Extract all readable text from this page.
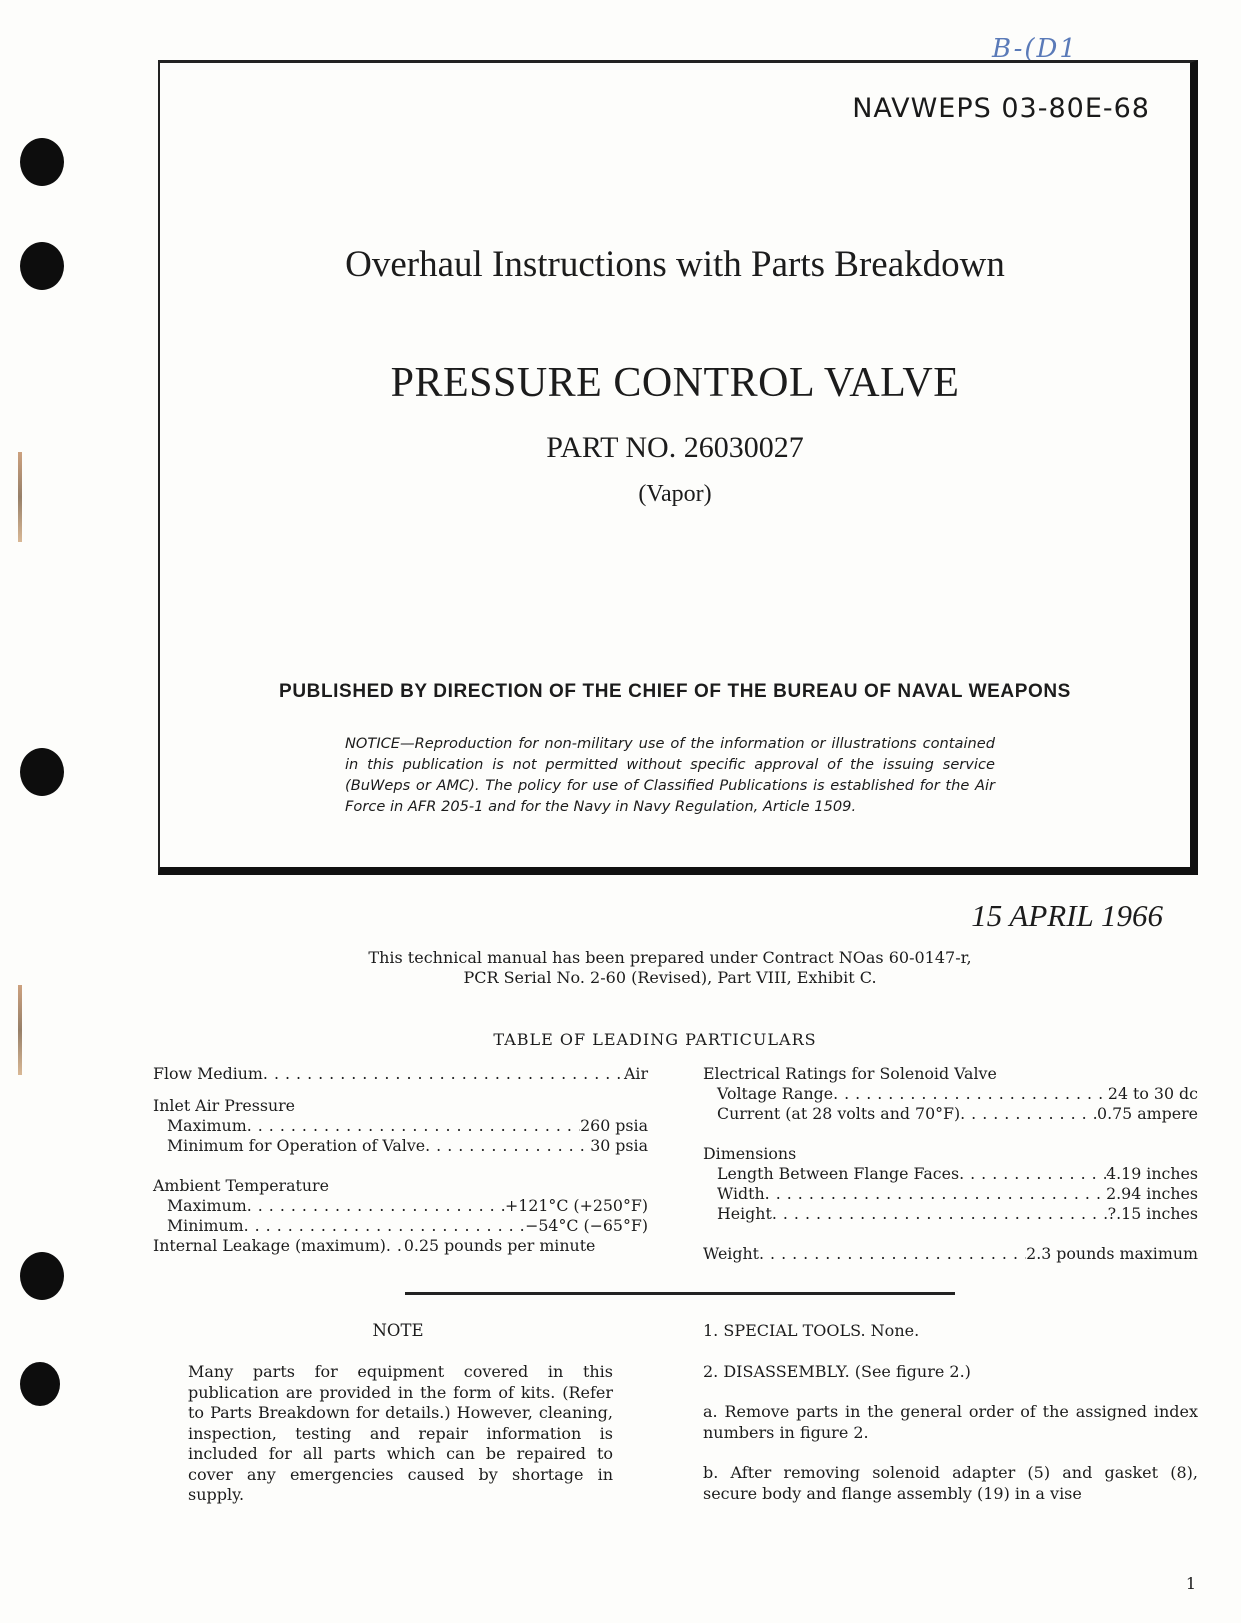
B-(D1
NAVWEPS 03-80E-68
Overhaul Instructions with Parts Breakdown
PRESSURE CONTROL VALVE
PART NO. 26030027
(Vapor)
PUBLISHED BY DIRECTION OF THE CHIEF OF THE BUREAU OF NAVAL WEAPONS
NOTICE—Reproduction for non-military use of the information or illustrations contained in this publication is not permitted without specific approval of the issuing service (BuWeps or AMC). The policy for use of Classified Publications is established for the Air Force in AFR 205-1 and for the Navy in Navy Regulation, Article 1509.
15 APRIL 1966
This technical manual has been prepared under Contract NOas 60-0147-r,
PCR Serial No. 2-60 (Revised), Part VIII, Exhibit C.
TABLE OF LEADING PARTICULARS
Flow Medium . . .	Air
Inlet Air Pressure
Maximum . . .	260 psia
Minimum for Operation of Valve . . .	30 psia
Ambient Temperature
Maximum . . .	+121°C (+250°F)
Minimum . . .	−54°C (−65°F)
Internal Leakage (maximum) . . . 0.25 pounds per minute
Electrical Ratings for Solenoid Valve
Voltage Range . . .	24 to 30 dc
Current (at 28 volts and 70°F) . . .	0.75 ampere
Dimensions
Length Between Flange Faces . . .	4.19 inches
Width . . .	2.94 inches
Height . . .	?.15 inches
Weight . . .	2.3 pounds maximum
NOTE
Many parts for equipment covered in this publication are provided in the form of kits. (Refer to Parts Breakdown for details.) However, cleaning, inspection, testing and repair information is included for all parts which can be repaired to cover any emergencies caused by shortage in supply.

1. SPECIAL TOOLS. None.

2. DISASSEMBLY. (See figure 2.)

a. Remove parts in the general order of the assigned index numbers in figure 2.

b. After removing solenoid adapter (5) and gasket (8), secure body and flange assembly (19) in a vise

1
